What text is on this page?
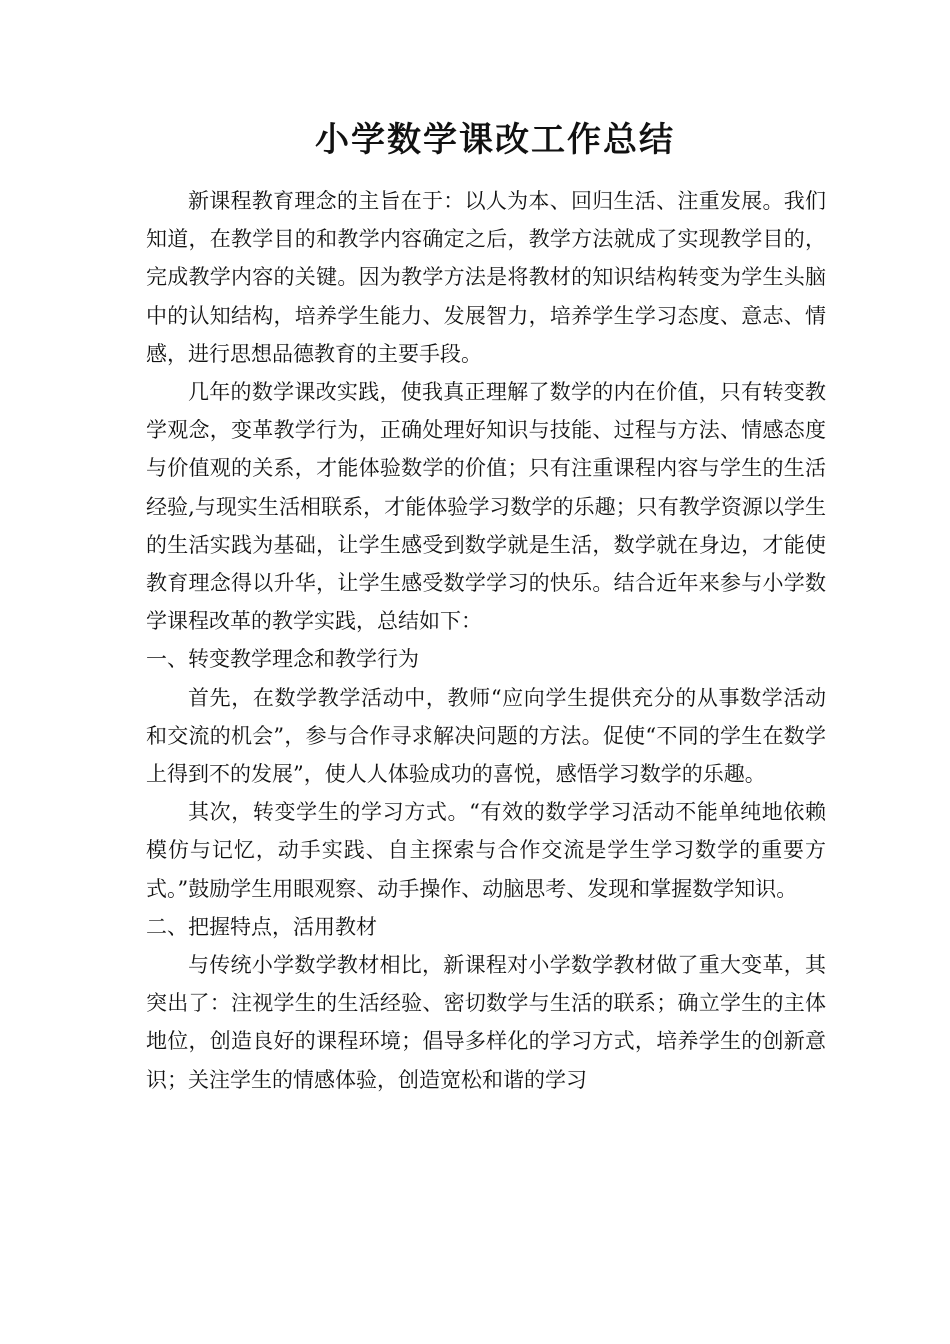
小学数学课改工作总结

新课程教育理念的主旨在于：以人为本、回归生活、注重发展。我们知道，在教学目的和教学内容确定之后，教学方法就成了实现教学目的，完成教学内容的关键。因为教学方法是将教材的知识结构转变为学生头脑中的认知结构，培养学生能力、发展智力，培养学生学习态度、意志、情感，进行思想品德教育的主要手段。

几年的数学课改实践，使我真正理解了数学的内在价值，只有转变教学观念，变革教学行为，正确处理好知识与技能、过程与方法、情感态度与价值观的关系，才能体验数学的价值；只有注重课程内容与学生的生活经验,与现实生活相联系，才能体验学习数学的乐趣；只有教学资源以学生的生活实践为基础，让学生感受到数学就是生活，数学就在身边，才能使教育理念得以升华，让学生感受数学学习的快乐。结合近年来参与小学数学课程改革的教学实践，总结如下：

一、转变教学理念和教学行为

首先，在数学教学活动中，教师“应向学生提供充分的从事数学活动和交流的机会”，参与合作寻求解决问题的方法。促使“不同的学生在数学上得到不的发展”，使人人体验成功的喜悦，感悟学习数学的乐趣。

其次，转变学生的学习方式。“有效的数学学习活动不能单纯地依赖模仿与记忆，动手实践、自主探索与合作交流是学生学习数学的重要方式。”鼓励学生用眼观察、动手操作、动脑思考、发现和掌握数学知识。

二、把握特点，活用教材

与传统小学数学教材相比，新课程对小学数学教材做了重大变革，其突出了：注视学生的生活经验、密切数学与生活的联系；确立学生的主体地位，创造良好的课程环境；倡导多样化的学习方式，培养学生的创新意识；关注学生的情感体验，创造宽松和谐的学习
